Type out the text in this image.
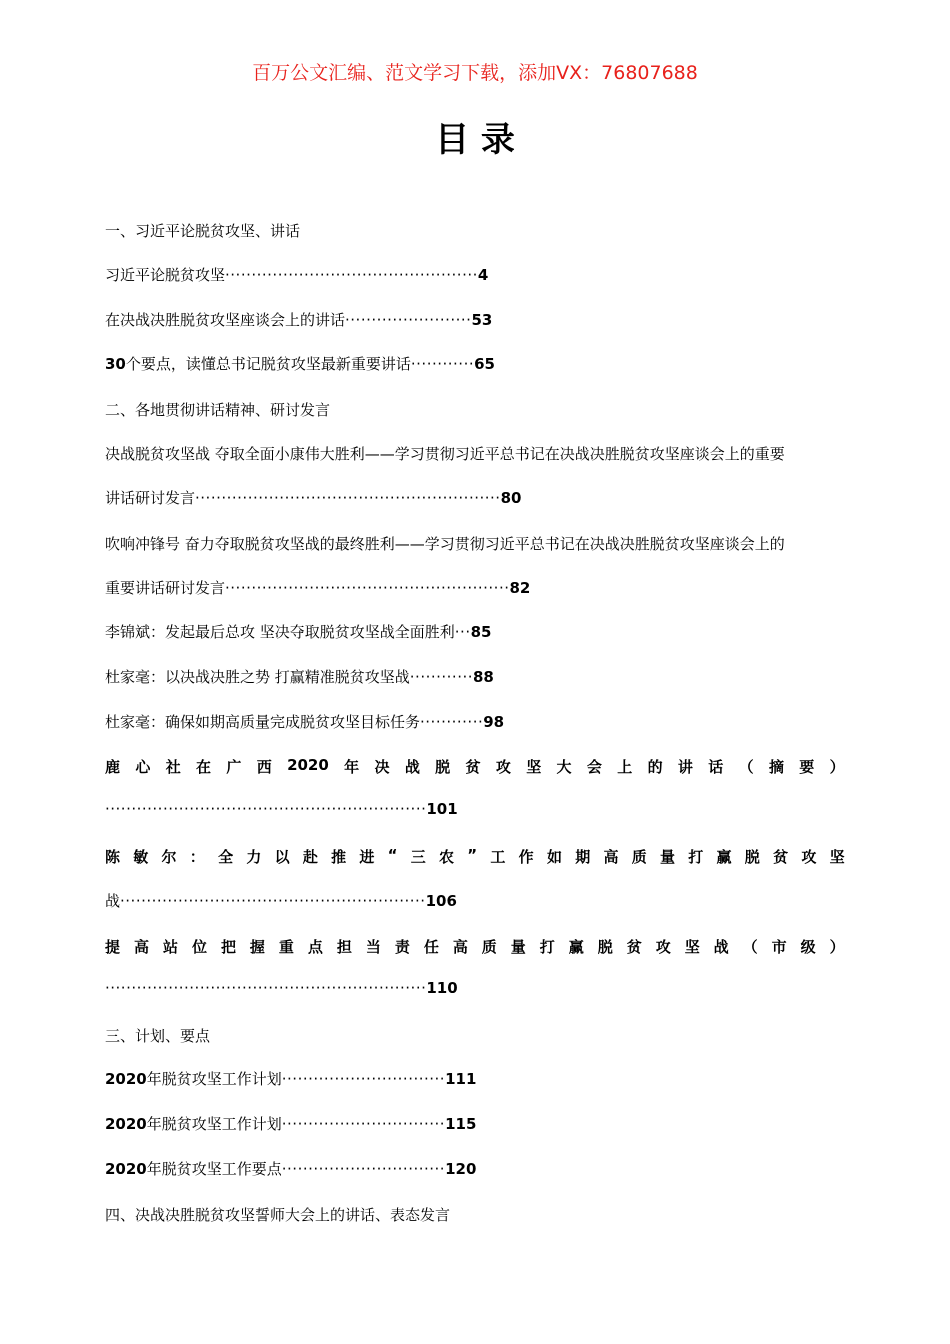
百万公文汇编、范文学习下载，添加VX：76807688
目 录
一、习近平论脱贫攻坚、讲话
习近平论脱贫攻坚················································4
在决战决胜脱贫攻坚座谈会上的讲话························53
30个要点，读懂总书记脱贫攻坚最新重要讲话············65
二、各地贯彻讲话精神、研讨发言
决战脱贫攻坚战 夺取全面小康伟大胜利——学习贯彻习近平总书记在决战决胜脱贫攻坚座谈会上的重要
讲话研讨发言··························································80
吹响冲锋号 奋力夺取脱贫攻坚战的最终胜利——学习贯彻习近平总书记在决战决胜脱贫攻坚座谈会上的
重要讲话研讨发言······················································82
李锦斌：发起最后总攻 坚决夺取脱贫攻坚战全面胜利···85
杜家毫：以决战决胜之势 打赢精准脱贫攻坚战············88
杜家毫：确保如期高质量完成脱贫攻坚目标任务············98
鹿 心 社 在 广 西 2020 年 决 战 脱 贫 攻 坚 大 会 上 的 讲 话 （ 摘 要 ）
·····························································101
陈 敏 尔 ： 全 力 以 赴 推 进 “ 三 农 ” 工 作 如 期 高 质 量 打 赢 脱 贫 攻 坚
战··························································106
提 高 站 位 把 握 重 点 担 当 责 任 高 质 量 打 赢 脱 贫 攻 坚 战 （ 市 级 ）
·····························································110
三、计划、要点
2020年脱贫攻坚工作计划·······························111
2020年脱贫攻坚工作计划·······························115
2020年脱贫攻坚工作要点·······························120
四、决战决胜脱贫攻坚誓师大会上的讲话、表态发言
